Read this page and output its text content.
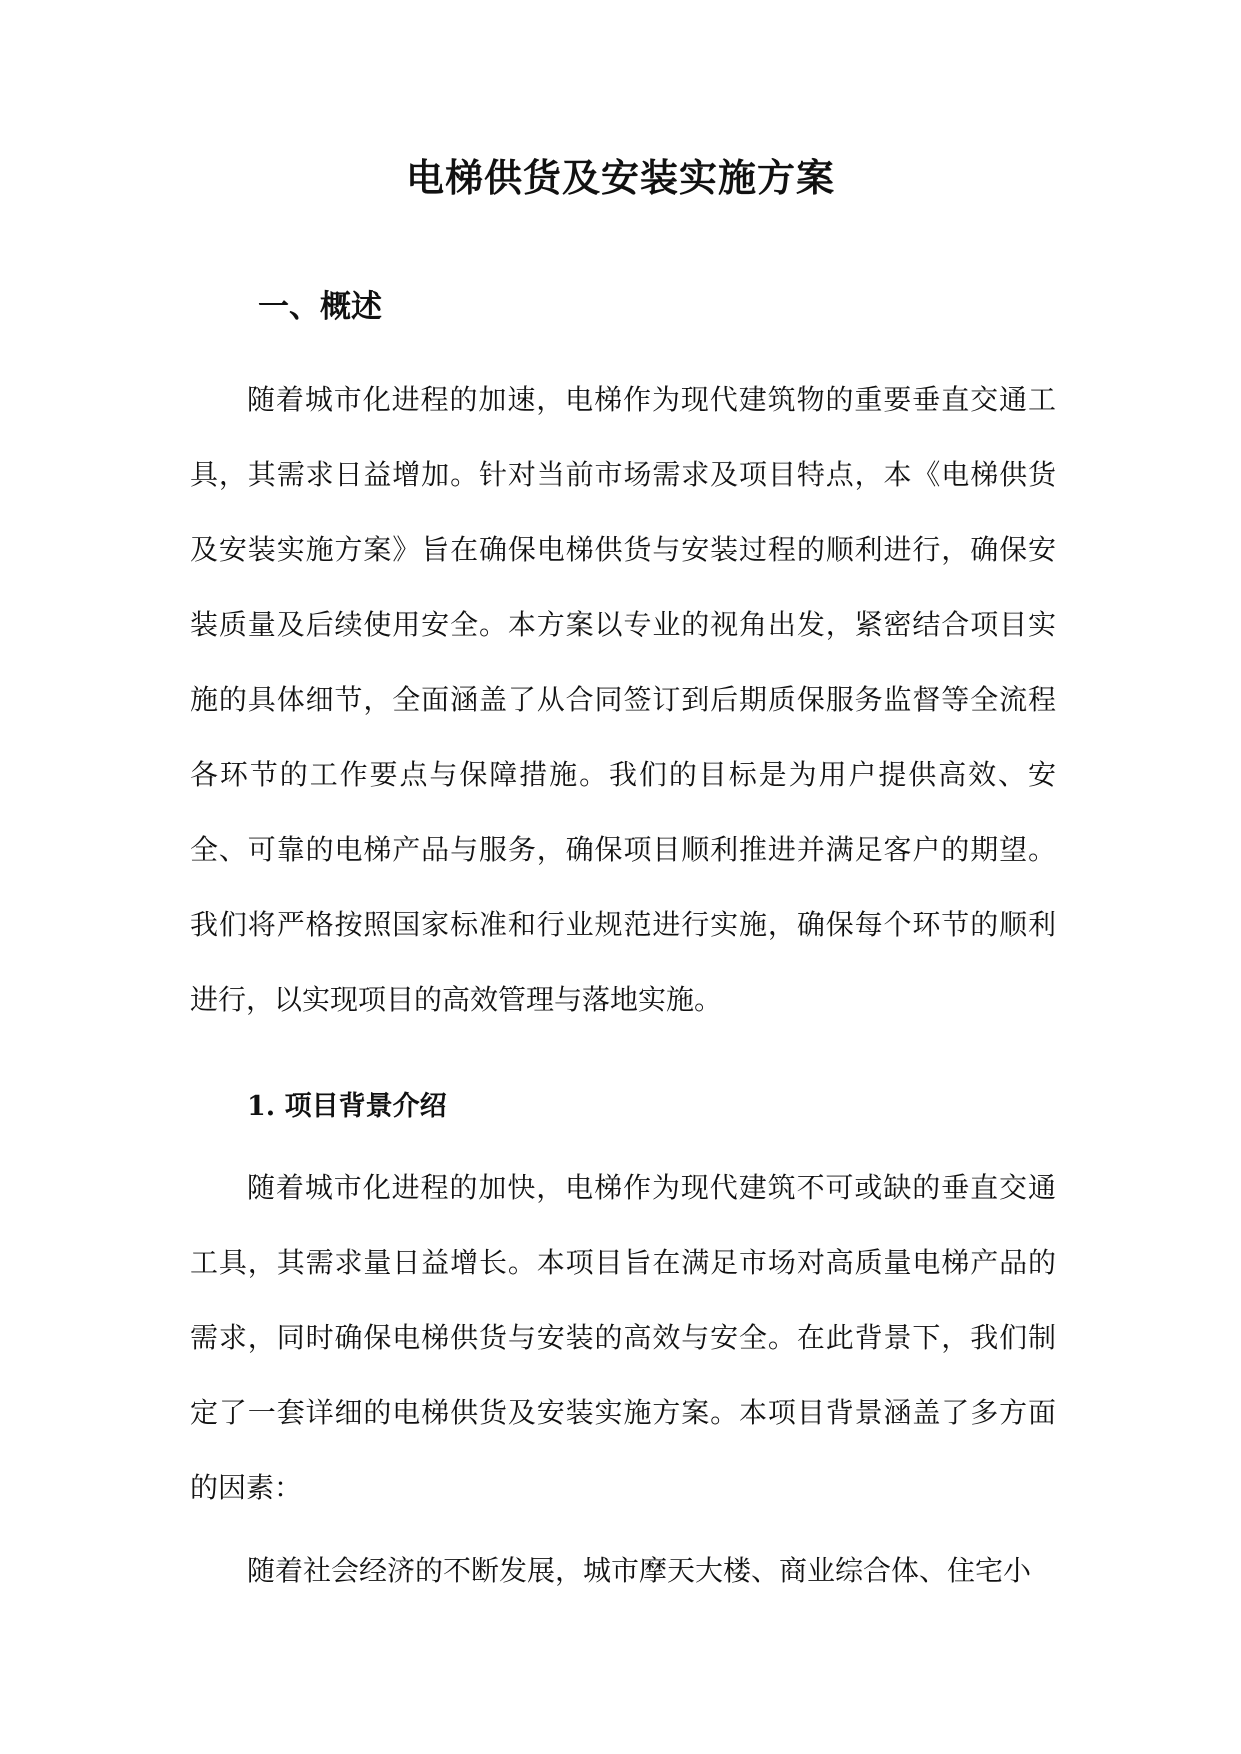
电梯供货及安装实施方案
一、概述

随着城市化进程的加速，电梯作为现代建筑物的重要垂直交通工具，其需求日益增加。针对当前市场需求及项目特点，本《电梯供货及安装实施方案》旨在确保电梯供货与安装过程的顺利进行，确保安装质量及后续使用安全。本方案以专业的视角出发，紧密结合项目实施的具体细节，全面涵盖了从合同签订到后期质保服务监督等全流程各环节的工作要点与保障措施。我们的目标是为用户提供高效、安全、可靠的电梯产品与服务，确保项目顺利推进并满足客户的期望。我们将严格按照国家标准和行业规范进行实施，确保每个环节的顺利进行，以实现项目的高效管理与落地实施。

1. 项目背景介绍

随着城市化进程的加快，电梯作为现代建筑不可或缺的垂直交通工具，其需求量日益增长。本项目旨在满足市场对高质量电梯产品的需求，同时确保电梯供货与安装的高效与安全。在此背景下，我们制定了一套详细的电梯供货及安装实施方案。本项目背景涵盖了多方面的因素：

随着社会经济的不断发展，城市摩天大楼、商业综合体、住宅小
